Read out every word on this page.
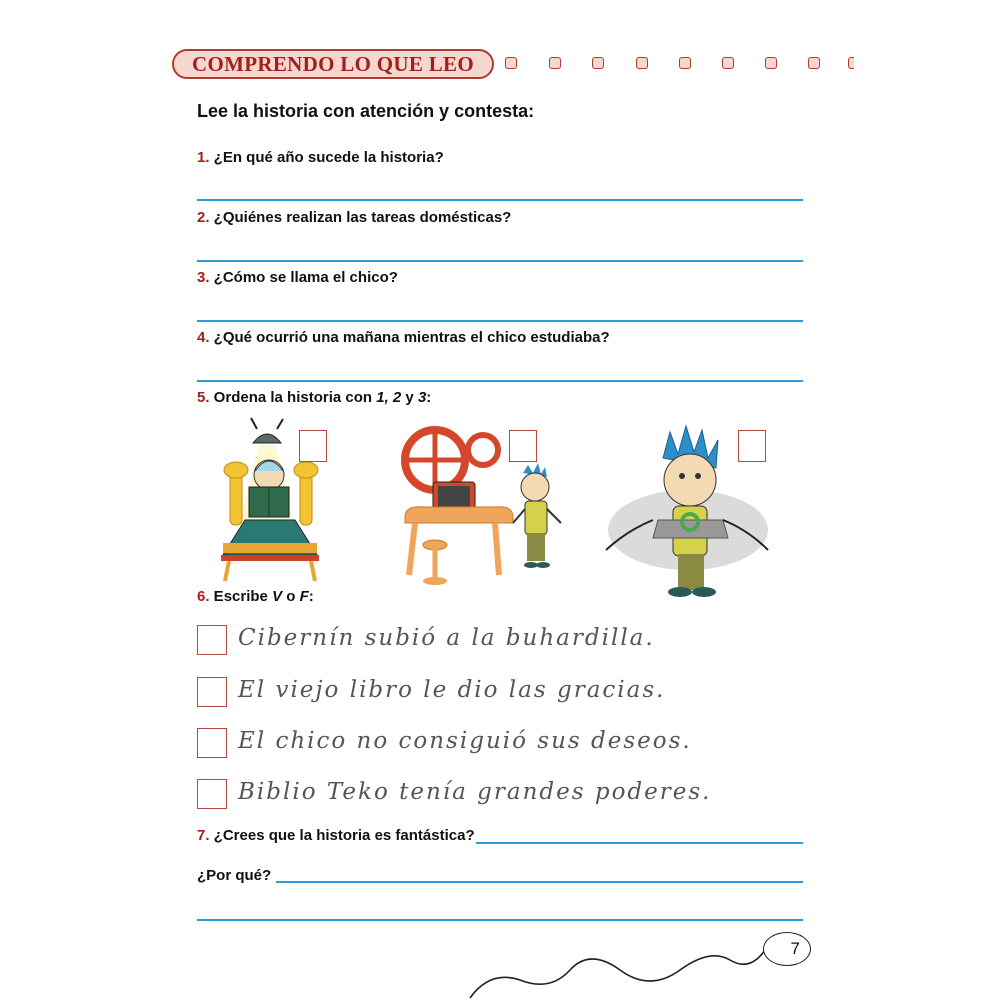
COMPRENDO LO QUE LEO
Lee la historia con atención y contesta:
1. ¿En qué año sucede la historia?
2. ¿Quiénes realizan las tareas domésticas?
3. ¿Cómo se llama el chico?
4. ¿Qué ocurrió una mañana mientras el chico estudiaba?
5. Ordena la historia con 1, 2 y 3:
6. Escribe V o F:
Cibernín subió a la buhardilla.
El viejo libro le dio las gracias.
El chico no consiguió sus deseos.
Biblio Teko tenía grandes poderes.
7. ¿Crees que la historia es fantástica?
¿Por qué?
7
